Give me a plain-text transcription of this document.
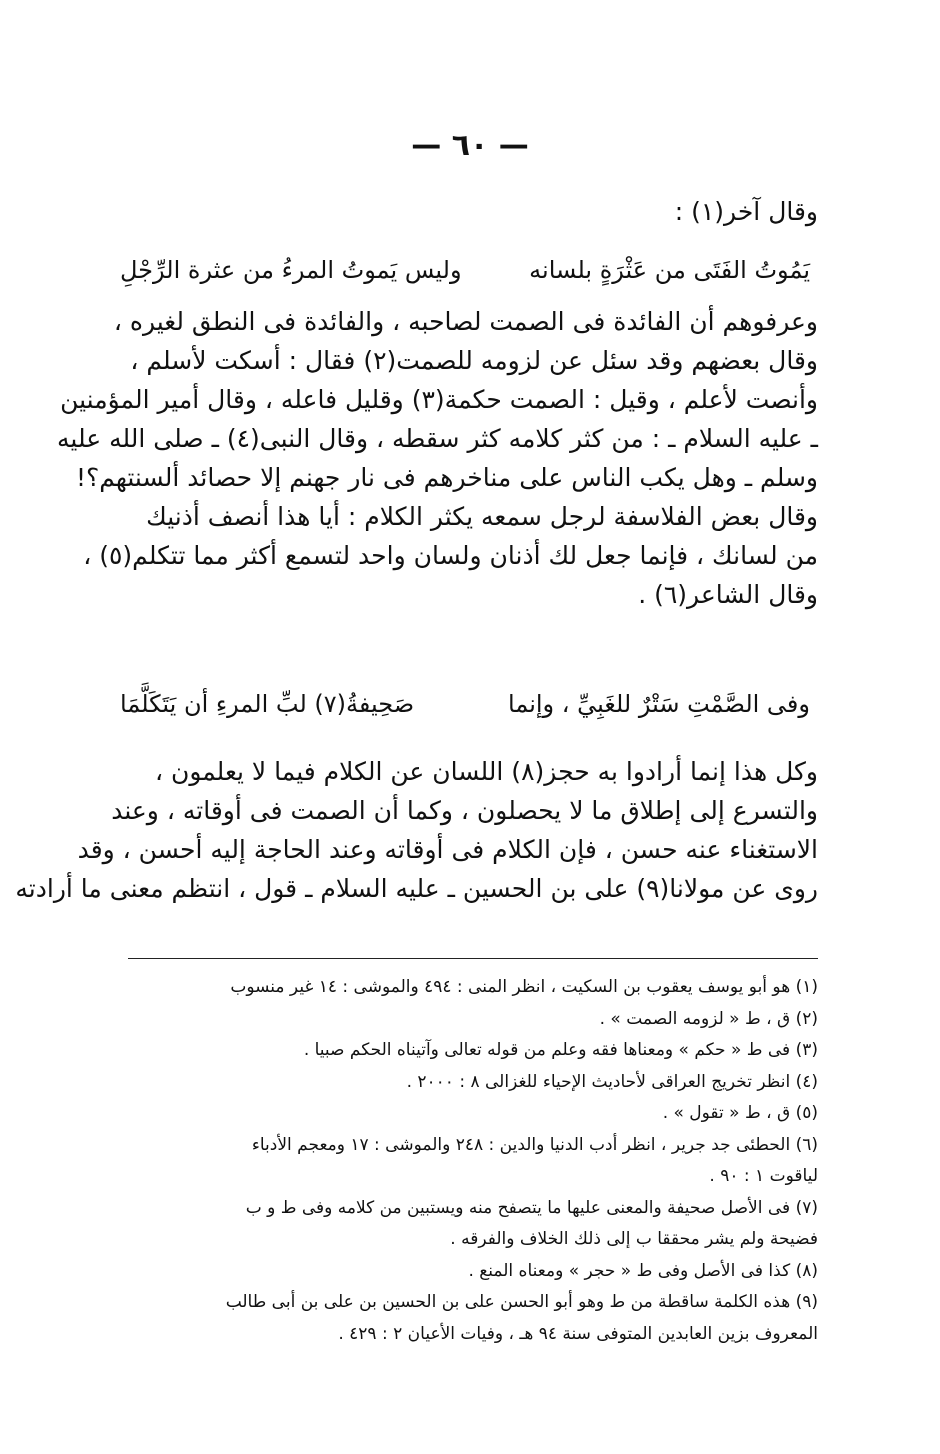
— ٦٠ —
وقال آخر(١) :
يَمُوتُ الفَتَى من عَثْرَةٍ بلسانه
وليس يَموتُ المرءُ من عثرة الرِّجْلِ
وعرفوهم أن الفائدة فى الصمت لصاحبه ، والفائدة فى النطق لغيره ،
وقال بعضهم وقد سئل عن لزومه للصمت(٢) فقال : أسكت لأسلم ،
وأنصت لأعلم ، وقيل : الصمت حكمة(٣) وقليل فاعله ، وقال أمير المؤمنين
ـ عليه السلام ـ : من كثر كلامه كثر سقطه ، وقال النبى(٤) ـ صلى الله عليه
وسلم ـ وهل يكب الناس على مناخرهم فى نار جهنم إلا حصائد ألسنتهم؟!
وقال بعض الفلاسفة لرجل سمعه يكثر الكلام : أيا هذا أنصف أذنيك
من لسانك ، فإنما جعل لك أذنان ولسان واحد لتسمع أكثر مما تتكلم(٥) ،
وقال الشاعر(٦) .
وفى الصَّمْتِ سَتْرٌ للغَبِيِّ ، وإنما
صَحِيفةُ(٧) لبِّ المرءِ أن يَتَكَلَّمَا
وكل هذا إنما أرادوا به حجز(٨) اللسان عن الكلام فيما لا يعلمون ،
والتسرع إلى إطلاق ما لا يحصلون ، وكما أن الصمت فى أوقاته ، وعند
الاستغناء عنه حسن ، فإن الكلام فى أوقاته وعند الحاجة إليه أحسن ، وقد
روى عن مولانا(٩) على بن الحسين ـ عليه السلام ـ قول ، انتظم معنى ما أرادته
(١) هو أبو يوسف يعقوب بن السكيت ، انظر المنى : ٤٩٤ والموشى : ١٤ غير منسوب
(٢) ق ، ط « لزومه الصمت » .
(٣) فى ط « حكم » ومعناها فقه وعلم من قوله تعالى وآتيناه الحكم صبيا .
(٤) انظر تخريج العراقى لأحاديث الإحياء للغزالى ٨ : ٢٠٠٠ .
(٥) ق ، ط « تقول » .
(٦) الحطئى جد جرير ، انظر أدب الدنيا والدين : ٢٤٨ والموشى : ١٧ ومعجم الأدباء
لياقوت ١ : ٩٠ .
(٧) فى الأصل صحيفة والمعنى عليها ما يتصفح منه ويستبين من كلامه وفى ط و ب
فضيحة ولم يشر محققا ب إلى ذلك الخلاف والفرقه .
(٨) كذا فى الأصل وفى ط « حجر » ومعناه المنع .
(٩) هذه الكلمة ساقطة من ط وهو أبو الحسن على بن الحسين بن على بن أبى طالب
المعروف بزين العابدين المتوفى سنة ٩٤ هـ ، وفيات الأعيان ٢ : ٤٢٩ .
